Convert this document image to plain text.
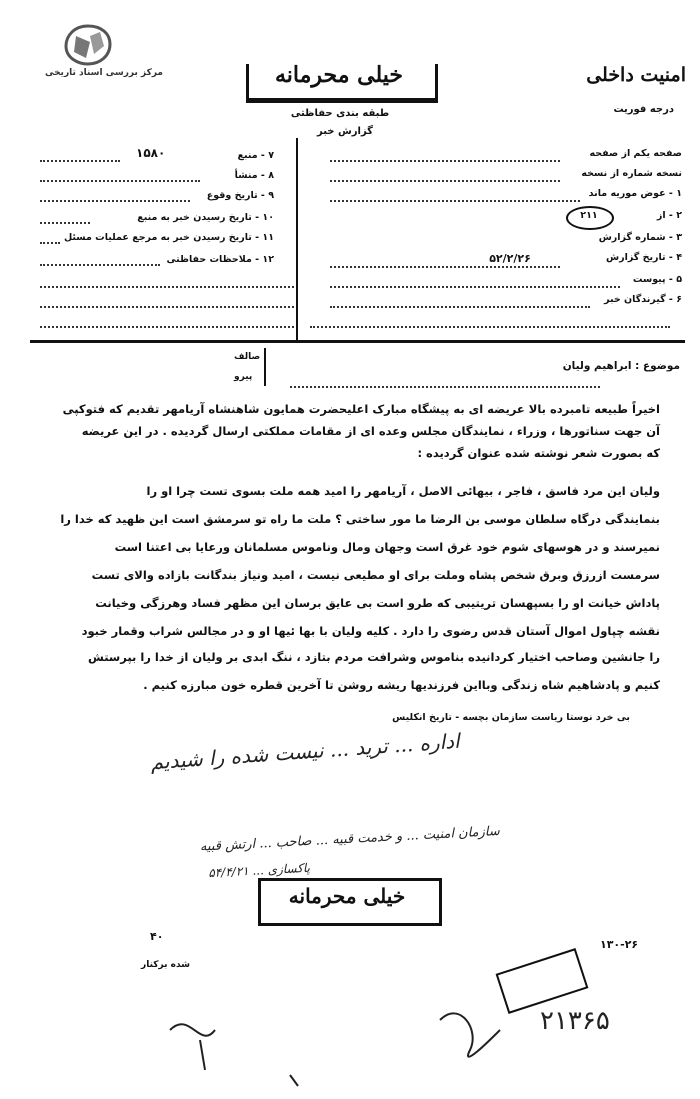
مرکز بررسی اسناد تاریخی	امنیت داخلی
درجه فوریت
خیلی محرمانه
طبقه بندی حفاظتی
گزارش خبر
صفحه یکم از صفحه
نسخه شماره از نسخه
۱ - عوض موریه ماند
۲ - از
۳ - شماره گزارش
۴ - تاریخ گزارش
۵ - پیوست
۶ - گیرندگان خبر
۲۱۱
۵۲/۲/۲۶
۷ - منبع
۸ - منشأ
۹ - تاریخ وقوع
۱۰ - تاریخ رسیدن خبر به منبع
۱۱ - تاریخ رسیدن خبر به مرجع عملیات مسئل
۱۲ - ملاحظات حفاظتی
۱۵۸۰
صالف
پیرو
موضوع : ابراهیم ولیان
اخیراً طبیعه تامبرده بالا عریضه ای به پیشگاه مبارک اعلیحضرت همایون شاهنشاه آریامهر تقدیم که فتوکپی
آن جهت سناتورها ، وزراء ، نمایندگان مجلس وعده ای از مقامات مملکتی ارسال گردیده . در این عریضه
که بصورت شعر نوشته شده عنوان گردیده :
ولیان این مرد فاسق ، فاجر ، بیهائی الاصل ، آریامهر را امید همه ملت بسوی تست چرا او را
بنمایندگی درگاه سلطان موسی بن الرضا ما مور ساختی ؟ ملت ما راه تو سرمشق است این ظهید که خدا را
نمیرسند و در هوسهای شوم خود غرق است وجهان ومال وناموس مسلمانان ورعایا بی اعتنا است
سرمست ازرزق وبرق شخص پشاه وملت برای او مطیعی نیست ، امید ونیاز بندگانت بازاده والای تست
پاداش خیانت او را بسپهسان تریتیبی که طرو است بی عایق برسان این مظهر فساد وهرزگی وخیانت
نقشه چپاول اموال آستان قدس رضوی را دارد . کلیه ولیان با بها ئیها او و در مجالس شراب وقمار خبود
را جانشین وصاحب اختیار کردانیده بناموس وشرافت مردم بتازد ، ننگ ابدی بر ولیان از خدا را بپرستش
کنیم و پادشاهیم شاه زندگی وبااین فرزندیها ریشه روشن تا آخرین قطره خون مبارزه کنیم .
بی خرد نوستا ریاست سازمان بچسه - تاریخ انکلیس
اداره ... ترید ... نیست شده را شیدیم
سازمان امنیت ... و خدمت قبیه ... صاحب ... ارتش قبیه
پاکسازی ... ۵۴/۴/۲۱
خیلی محرمانه
۴۰
شده برکنار
۱۳۰-۲۶
۲۱۳۶۵
